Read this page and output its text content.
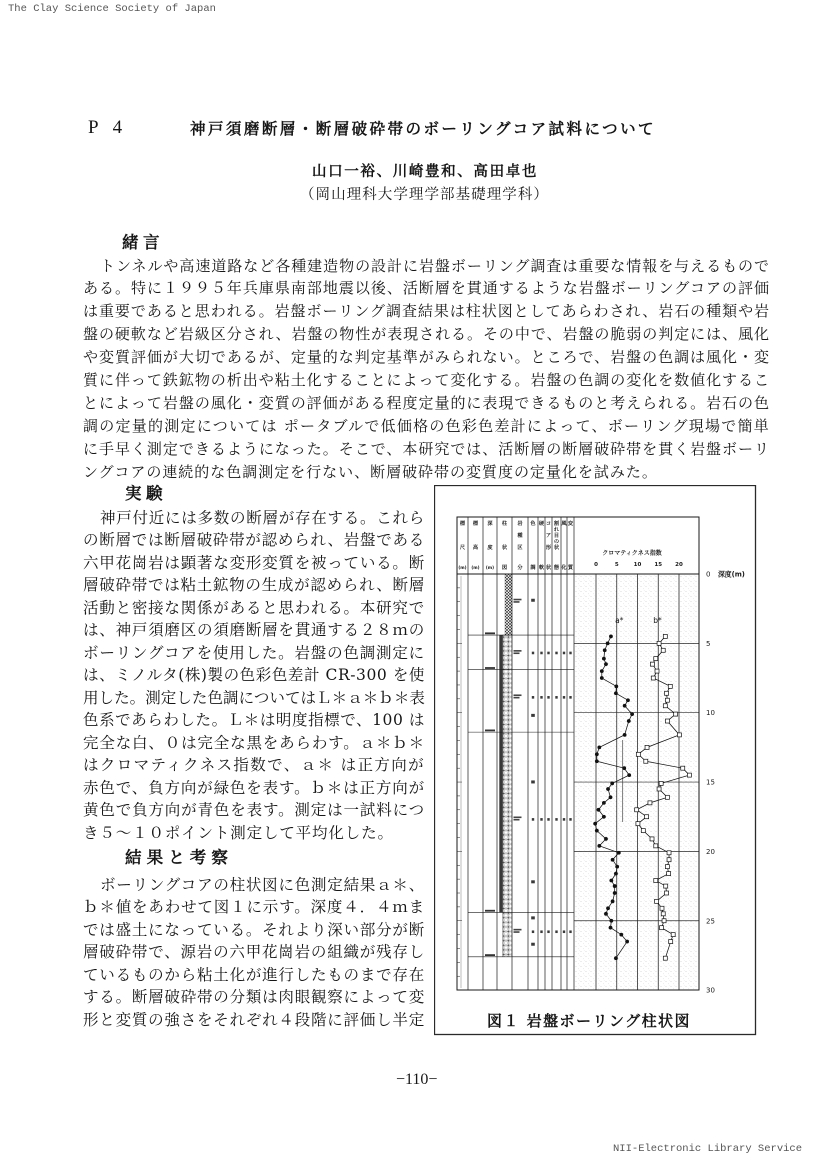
The Clay Science Society of Japan
NII-Electronic Library Service
P 4	神戸須磨断層・断層破砕帯のボーリングコア試料について
山口一裕、川崎豊和、高田卓也
（岡山理科大学理学部基礎理学科）
緒言
実験
結果と考察
トンネルや高速道路など各種建造物の設計に岩盤ボーリング調査は重要な情報を与えるもので
ある。特に１９９５年兵庫県南部地震以後、活断層を貫通するような岩盤ボーリングコアの評価
は重要であると思われる。岩盤ボーリング調査結果は柱状図としてあらわされ、岩石の種類や岩
盤の硬軟など岩級区分され、岩盤の物性が表現される。その中で、岩盤の脆弱の判定には、風化
や変質評価が大切であるが、定量的な判定基準がみられない。ところで、岩盤の色調は風化・変
質に伴って鉄鉱物の析出や粘土化することによって変化する。岩盤の色調の変化を数値化するこ
とによって岩盤の風化・変質の評価がある程度定量的に表現できるものと考えられる。岩石の色
調の定量的測定については ポータブルで低価格の色彩色差計によって、ボーリング現場で簡単
に手早く測定できるようになった。そこで、本研究では、活断層の断層破砕帯を貫く岩盤ボーリ
ングコアの連続的な色調測定を行ない、断層破砕帯の変質度の定量化を試みた。
神戸付近には多数の断層が存在する。これら
の断層では断層破砕帯が認められ、岩盤である
六甲花崗岩は顕著な変形変質を被っている。断
層破砕帯では粘土鉱物の生成が認められ、断層
活動と密接な関係があると思われる。本研究で
は、神戸須磨区の須磨断層を貫通する２８ｍの
ボーリングコアを使用した。岩盤の色調測定に
は、ミノルタ(株)製の色彩色差計 CR-300 を使
用した。測定した色調についてはＬ＊ａ＊ｂ＊表
色系であらわした。Ｌ＊は明度指標で、100 は
完全な白、０は完全な黒をあらわす。ａ＊ｂ＊
はクロマティクネス指数で、ａ＊ は正方向が
赤色で、負方向が緑色を表す。ｂ＊は正方向が
黄色で負方向が青色を表す。測定は一試料につ
き５〜１０ポイント測定して平均化した。
ボーリングコアの柱状図に色測定結果ａ＊、
ｂ＊値をあわせて図１に示す。深度４．４ｍま
では盛土になっている。それより深い部分が断
層破砕帯で、源岩の六甲花崗岩の組織が残存し
ているものから粘土化が進行したものまで存在
する。断層破砕帯の分類は肉眼観察によって変
形と変質の強さをそれぞれ４段階に評価し半定
標
尺
(m)
標
高
(m)
深
度
(m)
柱
状
図
岩
種
区
分
色
調
硬
軟
コ
ア
形
状
割
れ
目
の
状
態
風
化
変
質	0	5	10 15 20
0
5
10
15
20
25
30
クロマティクネス指数
深度(m)
a*	b*
図１ 岩盤ボーリング柱状図
−110−
